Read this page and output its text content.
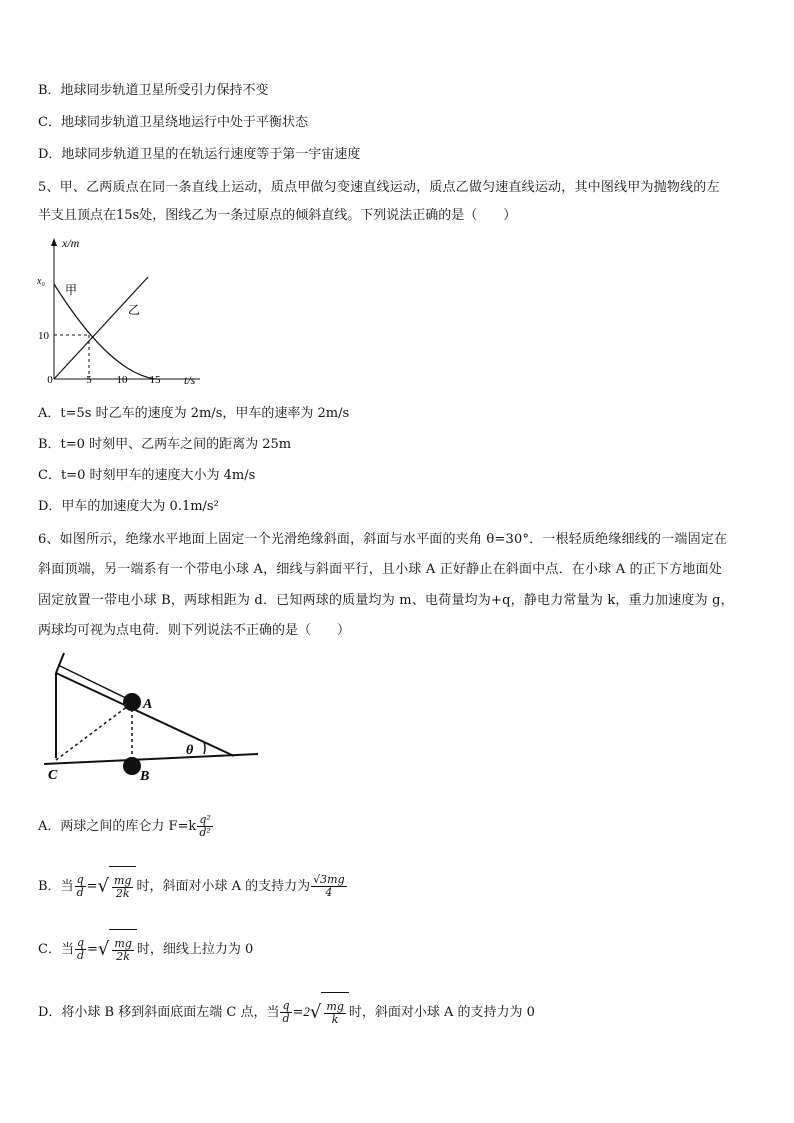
B．地球同步轨道卫星所受引力保持不变
C．地球同步轨道卫星绕地运行中处于平衡状态
D．地球同步轨道卫星的在轨运行速度等于第一宇宙速度
5、甲、乙两质点在同一条直线上运动，质点甲做匀变速直线运动，质点乙做匀速直线运动，其中图线甲为抛物线的左
半支且顶点在15s处，图线乙为一条过原点的倾斜直线。下列说法正确的是（　　）
x/m
t/s
x₀
10
0	5 10 15
甲
乙
A．t=5s 时乙车的速度为 2m/s，甲车的速率为 2m/s
B．t=0 时刻甲、乙两车之间的距离为 25m
C．t=0 时刻甲车的速度大小为 4m/s
D．甲车的加速度大为 0.1m/s²
6、如图所示，绝缘水平地面上固定一个光滑绝缘斜面，斜面与水平面的夹角 θ=30°．一根轻质绝缘细线的一端固定在
斜面顶端，另一端系有一个带电小球 A，细线与斜面平行，且小球 A 正好静止在斜面中点．在小球 A 的正下方地面处
固定放置一带电小球 B，两球相距为 d．已知两球的质量均为 m、电荷量均为+q，静电力常量为 k，重力加速度为 g，
两球均可视为点电荷．则下列说法不正确的是（　　）
A
B
C
θ
A．两球之间的库仑力 $F=k \frac{\text{q²}}{\text{d²}}$
B．当 $\frac{q}{d}$ =√ $\frac{mg}{2k}$ 时，斜面对小球 A 的支持力为 $\frac{√3mg}{4}$
C．当 $\frac{q}{d}$ =√ $\frac{mg}{2k}$ 时，细线上拉力为 0
D．将小球 B 移到斜面底面左端 C 点，当 $\frac{q}{d} =2√ \frac{mg}{k}$ 时，斜面对小球 A 的支持力为 0
